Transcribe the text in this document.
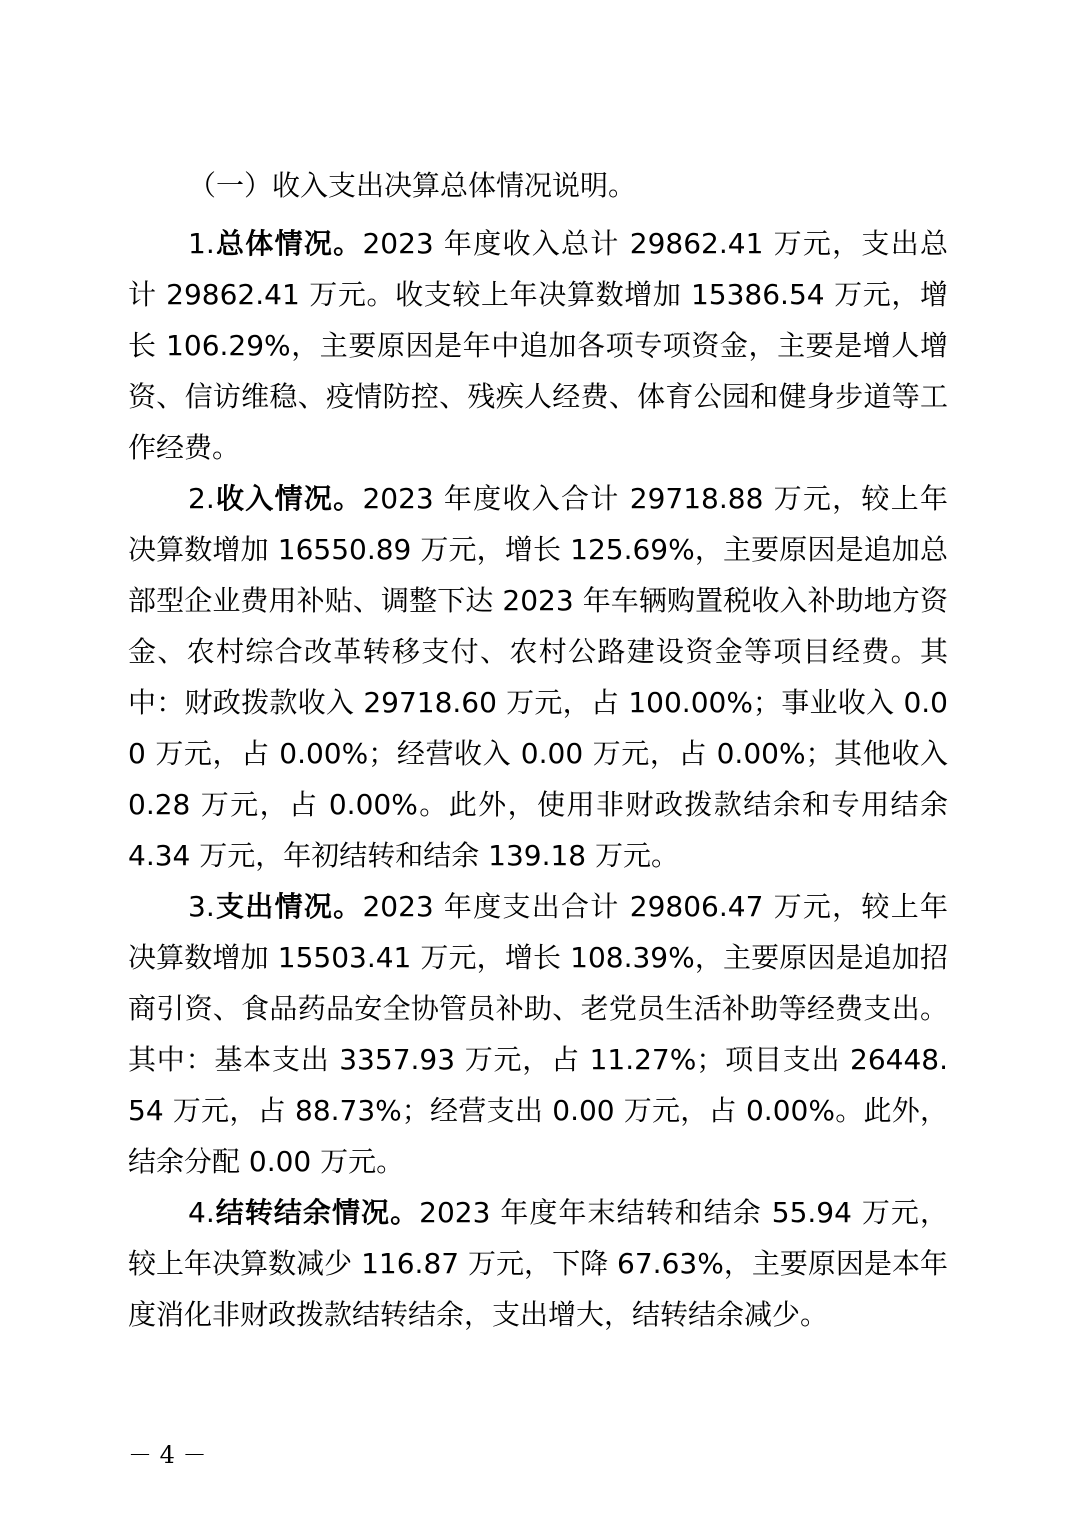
（一）收入支出决算总体情况说明。

1.总体情况。2023 年度收入总计 29862.41 万元，支出总计 29862.41 万元。收支较上年决算数增加 15386.54 万元，增长 106.29%，主要原因是年中追加各项专项资金，主要是增人增资、信访维稳、疫情防控、残疾人经费、体育公园和健身步道等工作经费。

2.收入情况。2023 年度收入合计 29718.88 万元，较上年决算数增加 16550.89 万元，增长 125.69%，主要原因是追加总部型企业费用补贴、调整下达 2023 年车辆购置税收入补助地方资金、农村综合改革转移支付、农村公路建设资金等项目经费。其中：财政拨款收入 29718.60 万元，占 100.00%；事业收入 0.00 万元，占 0.00%；经营收入 0.00 万元，占 0.00%；其他收入 0.28 万元，占 0.00%。此外，使用非财政拨款结余和专用结余 4.34 万元，年初结转和结余 139.18 万元。

3.支出情况。2023 年度支出合计 29806.47 万元，较上年决算数增加 15503.41 万元，增长 108.39%，主要原因是追加招商引资、食品药品安全协管员补助、老党员生活补助等经费支出。其中：基本支出 3357.93 万元，占 11.27%；项目支出 26448.54 万元，占 88.73%；经营支出 0.00 万元，占 0.00%。此外，结余分配 0.00 万元。

4.结转结余情况。2023 年度年末结转和结余 55.94 万元，较上年决算数减少 116.87 万元，下降 67.63%，主要原因是本年度消化非财政拨款结转结余，支出增大，结转结余减少。

－ 4 －
